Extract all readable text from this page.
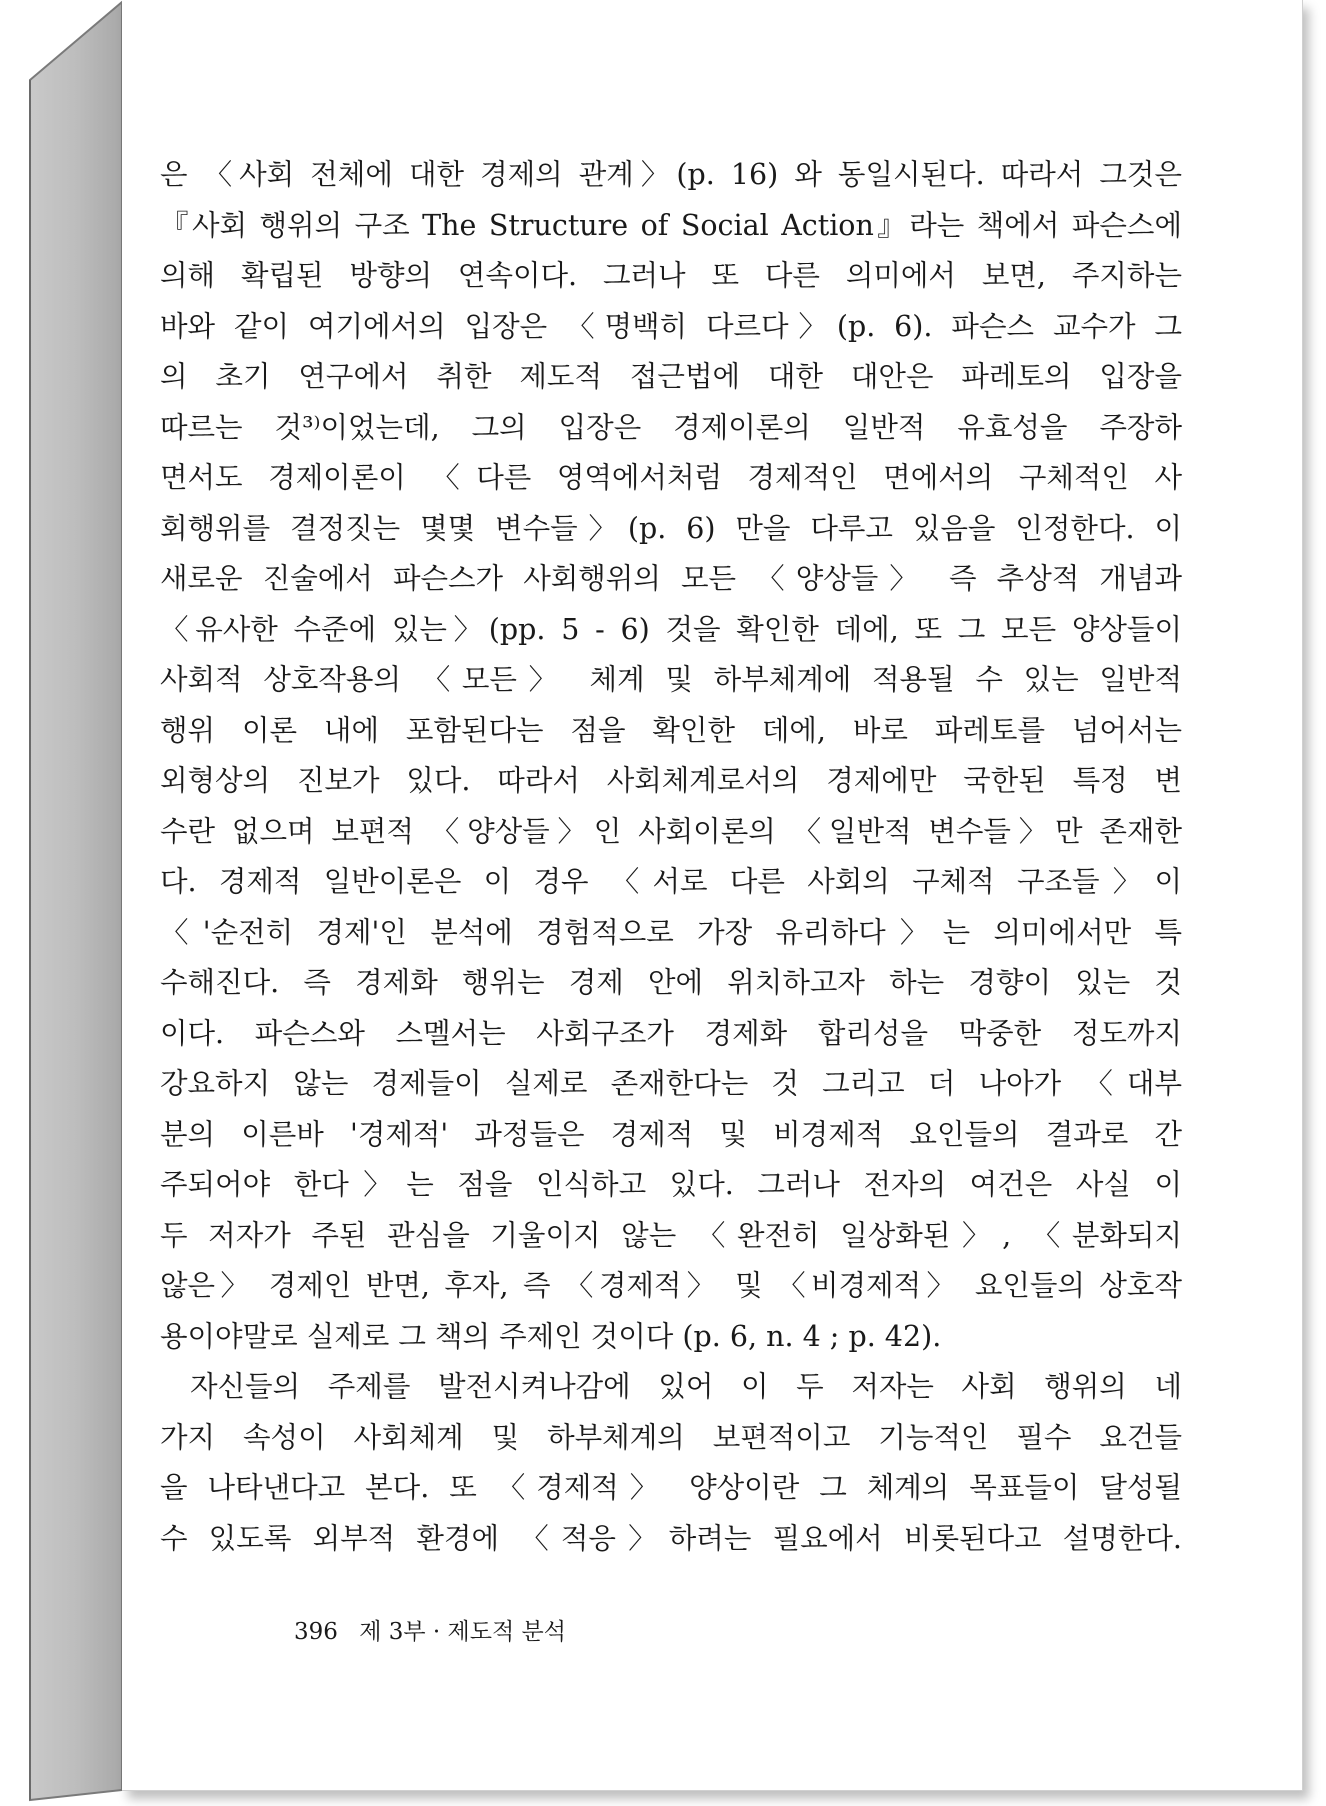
은 〈사회 전체에 대한 경제의 관계〉(p. 16) 와 동일시된다. 따라서 그것은
『사회 행위의 구조 The Structure of Social Action』라는 책에서 파슨스에
의해 확립된 방향의 연속이다. 그러나 또 다른 의미에서 보면, 주지하는
바와 같이 여기에서의 입장은 〈명백히 다르다〉(p. 6). 파슨스 교수가 그
의 초기 연구에서 취한 제도적 접근법에 대한 대안은 파레토의 입장을
따르는 것³⁾이었는데, 그의 입장은 경제이론의 일반적 유효성을 주장하
면서도 경제이론이 〈다른 영역에서처럼 경제적인 면에서의 구체적인 사
회행위를 결정짓는 몇몇 변수들〉(p. 6) 만을 다루고 있음을 인정한다. 이
새로운 진술에서 파슨스가 사회행위의 모든 〈양상들〉 즉 추상적 개념과
〈유사한 수준에 있는〉(pp. 5 - 6) 것을 확인한 데에, 또 그 모든 양상들이
사회적 상호작용의 〈모든〉 체계 및 하부체계에 적용될 수 있는 일반적
행위 이론 내에 포함된다는 점을 확인한 데에, 바로 파레토를 넘어서는
외형상의 진보가 있다. 따라서 사회체계로서의 경제에만 국한된 특정 변
수란 없으며 보편적 〈양상들〉인 사회이론의 〈일반적 변수들〉만 존재한
다. 경제적 일반이론은 이 경우 〈서로 다른 사회의 구체적 구조들〉이
〈'순전히 경제'인 분석에 경험적으로 가장 유리하다〉는 의미에서만 특
수해진다. 즉 경제화 행위는 경제 안에 위치하고자 하는 경향이 있는 것
이다. 파슨스와 스멜서는 사회구조가 경제화 합리성을 막중한 정도까지
강요하지 않는 경제들이 실제로 존재한다는 것 그리고 더 나아가 〈대부
분의 이른바 '경제적' 과정들은 경제적 및 비경제적 요인들의 결과로 간
주되어야 한다〉는 점을 인식하고 있다. 그러나 전자의 여건은 사실 이
두 저자가 주된 관심을 기울이지 않는 〈완전히 일상화된〉, 〈분화되지
않은〉 경제인 반면, 후자, 즉 〈경제적〉 및 〈비경제적〉 요인들의 상호작
용이야말로 실제로 그 책의 주제인 것이다 (p. 6, n. 4 ; p. 42).
자신들의 주제를 발전시켜나감에 있어 이 두 저자는 사회 행위의 네
가지 속성이 사회체계 및 하부체계의 보편적이고 기능적인 필수 요건들
을 나타낸다고 본다. 또 〈경제적〉 양상이란 그 체계의 목표들이 달성될
수 있도록 외부적 환경에 〈적응〉하려는 필요에서 비롯된다고 설명한다.
396 제 3부 · 제도적 분석
